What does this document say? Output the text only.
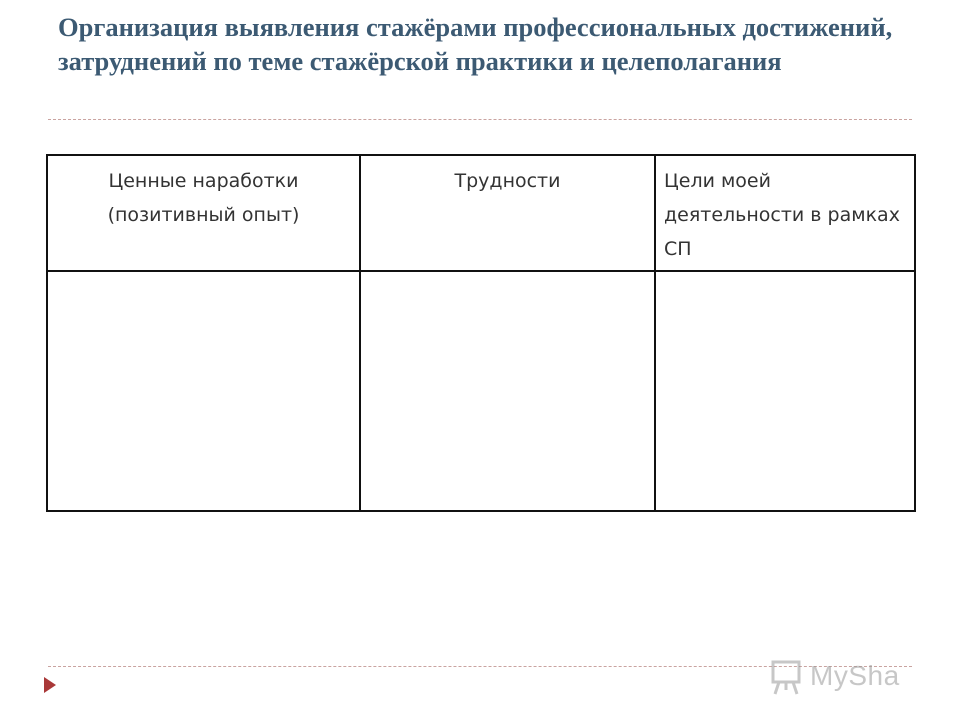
Организация выявления стажёрами профессиональных достижений, затруднений по теме стажёрской практики и целеполагания
Ценные наработки (позитивный опыт)	Трудности	Цели моей деятельности в рамках СП

MySha
